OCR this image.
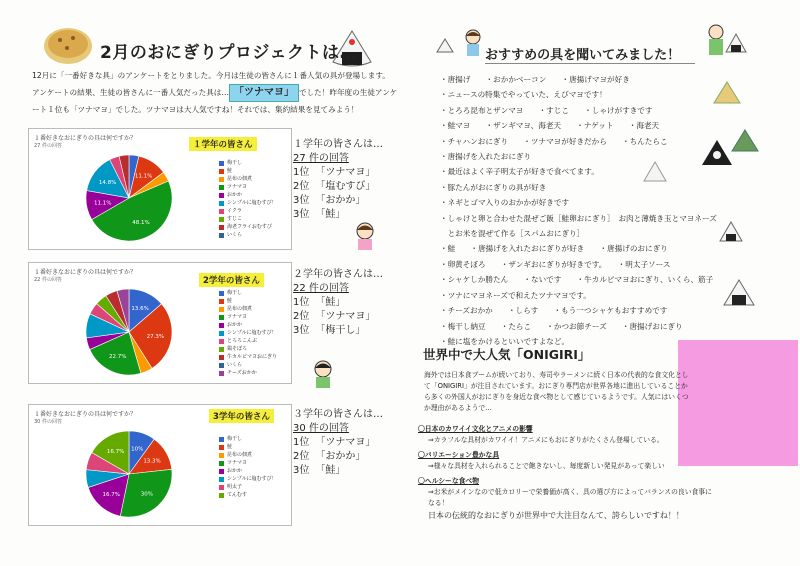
2月のおにぎりプロジェクトは…
12月に「一番好きな具」のアンケートをとりました。今月は生徒の皆さんに１番人気の具が登場します。
アンケートの結果、生徒の皆さんに一番人気だった具は… 「ツナマヨ」 でした！昨年度の生徒アンケ
ート１位も「ツナマヨ」でした。ツナマヨは大人気ですね！それでは、集約結果を見てみよう！
１番好きなおにぎりの具は何ですか？
27 件の回答	１学年の皆さん
11.1%
48.1%
11.1%
14.8%
梅干し
鮭
昆布の佃煮
ツナマヨ
おかか
シンプルに塩むすび！
イクラ
すじこ
海老フライおむすび
いくら
１学年の皆さんは…
27 件の回答
1位 「ツナマヨ」
2位 「塩むすび」
3位 「おかか」
3位 「鮭」
１番好きなおにぎりの具は何ですか？
22 件の回答	2学年の皆さん
13.6%
27.3%
22.7%
梅干し
鮭
昆布の佃煮
ツナマヨ
おかか
シンプルに塩むすび！
とろろこんぶ
鶏そぼろ
牛カルビマヨおにぎり
いくら
チーズおかか
２学年の皆さんは…
22 件の回答
1位 「鮭」
2位 「ツナマヨ」
3位 「梅干し」
１番好きなおにぎりの具は何ですか？
30 件の回答	3学年の皆さん
10%
13.3%
30%
16.7%
16.7%
梅干し
鮭
昆布の佃煮
ツナマヨ
おかか
シンプルに塩むすび！
明太子
てんむす
３学年の皆さんは…
30 件の回答
1位 「ツナマヨ」
2位 「おかか」
3位 「鮭」
おすすめの具を聞いてみました！
・唐揚げ　　・おかかベーコン　　・唐揚げマヨが好き
・ニュースの特集でやっていた、えびマヨです！
・とろろ昆布とザンマヨ　　・すじこ　　・しゃけがすきです
・鮭マヨ　　・ザンギマヨ、海老天　　・ナゲット　　・海老天
・チャハンおにぎり　　・ツナマヨが好きだから　　・ちんたらこ
・唐揚げを入れたおにぎり
・最近はよく辛子明太子が好きで食べてます。
・豚たんがおにぎりの具が好き
・ネギとゴマ入りのおかかが好きです
・しゃけと卵と合わせた混ぜご飯［鮭卵おにぎり］　お肉と薄焼き玉とマヨネーズ
　とお米を混ぜて作る［スパムおにぎり］
・鮭　　・唐揚げを入れたおにぎりが好き　　・唐揚げのおにぎり
・卵黄そぼろ　　・ザンギおにぎりが好きです。　　・明太子ソース
・シャケしか勝たん　　・ないです　　・牛カルビマヨおにぎり、いくら、筋子
・ツナにマヨネーズで和えたツナマヨです。
・チーズおかか　　・しらす　　・もう一つシャケもおすすめです
・梅干し納豆　　・たらこ　　・かつお節チーズ　　・唐揚げおにぎり
・鮭に塩をかけるといいですよなど。
世界中で大人気「ONIGIRI」
海外では日本食ブームが続いており、寿司やラーメンに続く日本の代表的な食文化として「ONIGIRI」が注目されています。おにぎり専門店が世界各地に進出していることから多くの外国人がおにぎりを身近な食べ物として感じているようです。人気にはいくつか理由があるようで…
〇日本のカワイイ文化とアニメの影響
⇒カラフルな具材がカワイイ！アニメにもおにぎりがたくさん登場している。
〇バリエーション豊かな具
⇒様々な具材を入れられることで飽きないし、毎度新しい発見があって楽しい
〇ヘルシーな食べ物
⇒お米がメインなので低カロリーで栄養価が高く、具の選び方によってバランスの良い食事になる！
日本の伝統的なおにぎりが世界中で大注目なんて、誇らしいですね！！
